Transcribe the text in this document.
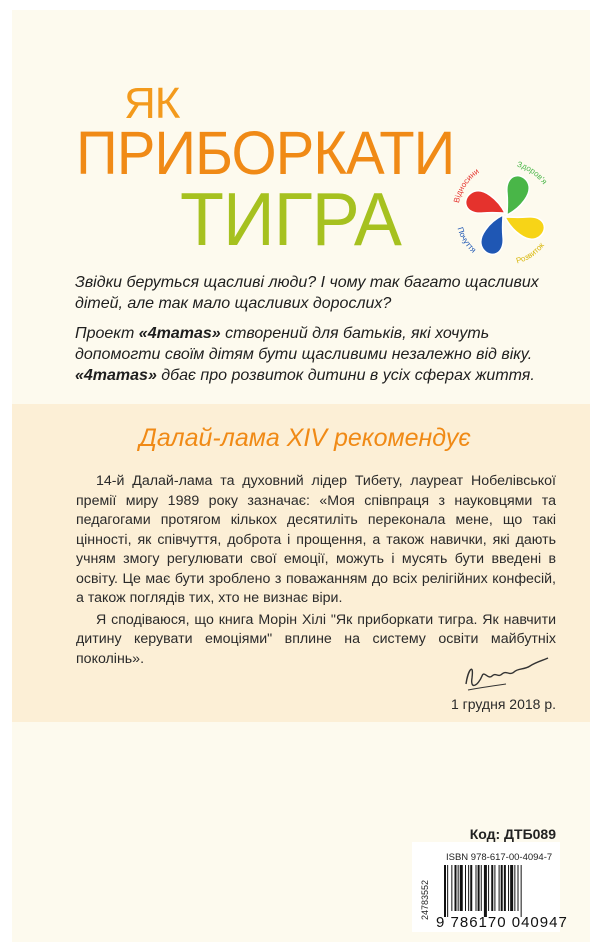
ЯК
ПРИБОРКАТИ
ТИГРА	Відносини
Здоров'я
Почуття
Розвиток

Звідки беруться щасливі люди? І чому так багато щасливих дітей, але так мало щасливих дорослих?

Проект «4mamas» створений для батьків, які хочуть допомогти своїм дітям бути щасливими незалежно від віку.
«4mamas» дбає про розвиток дитини в усіх сферах життя.

Далай-лама XIV рекомендує

14-й Далай-лама та духовний лідер Тибету, лауреат Нобелівської премії миру 1989 року зазначає: «Моя співпраця з науковцями та педагогами протягом кількох десятиліть переконала мене, що такі цінності, як співчуття, доброта і прощення, а також навички, які дають учням змогу регулювати свої емоції, можуть і мусять бути введені в освіту. Це має бути зроблено з поважанням до всіх релігійних конфесій, а також поглядів тих, хто не визнає віри.

Я сподіваюся, що книга Морін Хілі "Як приборкати тигра. Як навчити дитину керувати емоціями" вплине на систему освіти майбутніх поколінь».

1 грудня 2018 р.
Код: ДТБ089
ISBN 978-617-00-4094-7
24783552
9 786170 040947
